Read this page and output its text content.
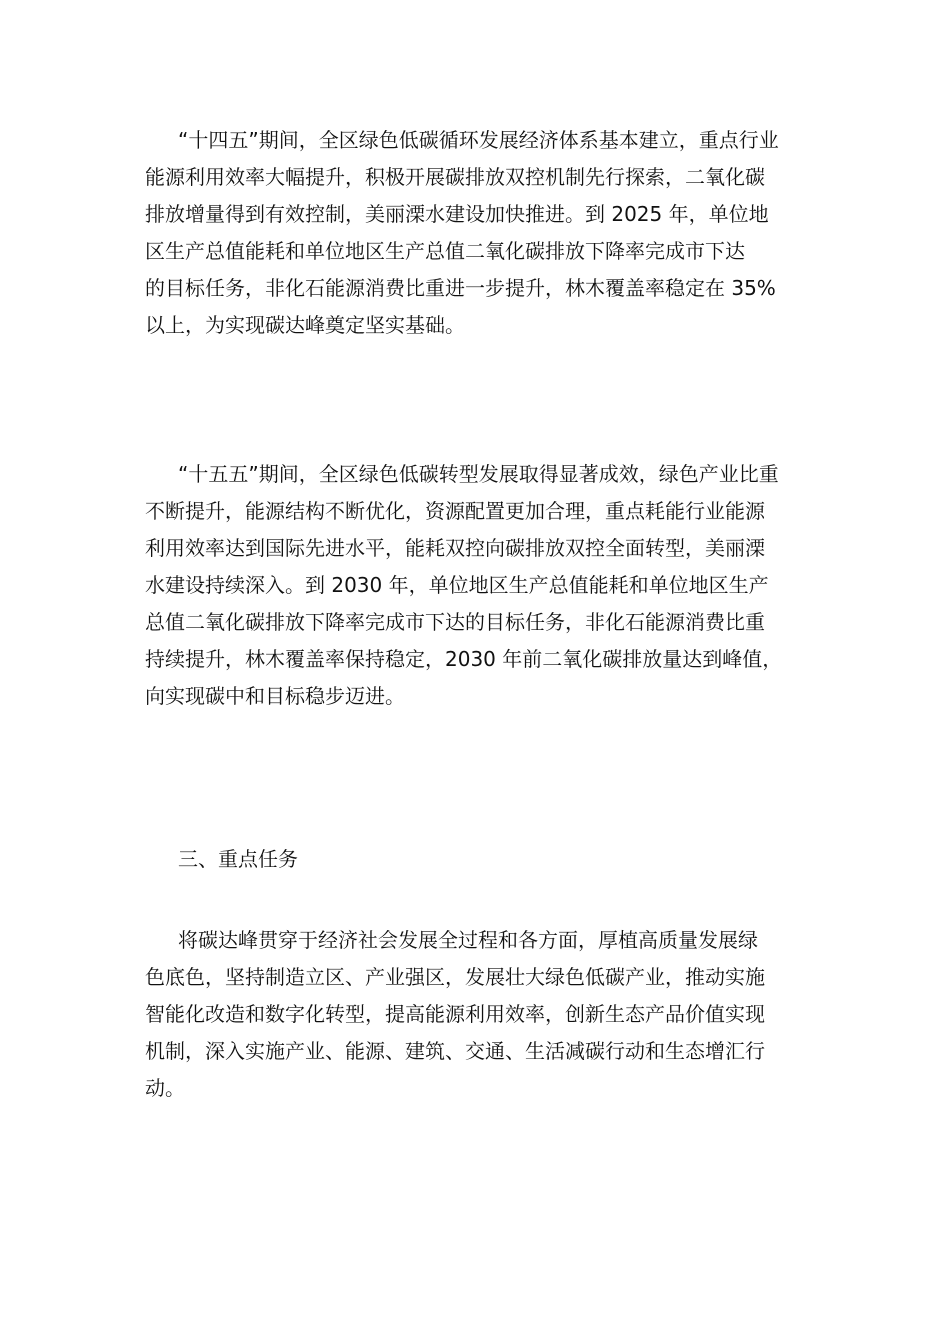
“十四五”期间，全区绿色低碳循环发展经济体系基本建立，重点行业
能源利用效率大幅提升，积极开展碳排放双控机制先行探索，二氧化碳
排放增量得到有效控制，美丽溧水建设加快推进。到 2025 年，单位地
区生产总值能耗和单位地区生产总值二氧化碳排放下降率完成市下达
的目标任务，非化石能源消费比重进一步提升，林木覆盖率稳定在 35%
以上，为实现碳达峰奠定坚实基础。

“十五五”期间，全区绿色低碳转型发展取得显著成效，绿色产业比重
不断提升，能源结构不断优化，资源配置更加合理，重点耗能行业能源
利用效率达到国际先进水平，能耗双控向碳排放双控全面转型，美丽溧
水建设持续深入。到 2030 年，单位地区生产总值能耗和单位地区生产
总值二氧化碳排放下降率完成市下达的目标任务，非化石能源消费比重
持续提升，林木覆盖率保持稳定，2030 年前二氧化碳排放量达到峰值，
向实现碳中和目标稳步迈进。

三、重点任务

将碳达峰贯穿于经济社会发展全过程和各方面，厚植高质量发展绿
色底色，坚持制造立区、产业强区，发展壮大绿色低碳产业，推动实施
智能化改造和数字化转型，提高能源利用效率，创新生态产品价值实现
机制，深入实施产业、能源、建筑、交通、生活减碳行动和生态增汇行
动。
